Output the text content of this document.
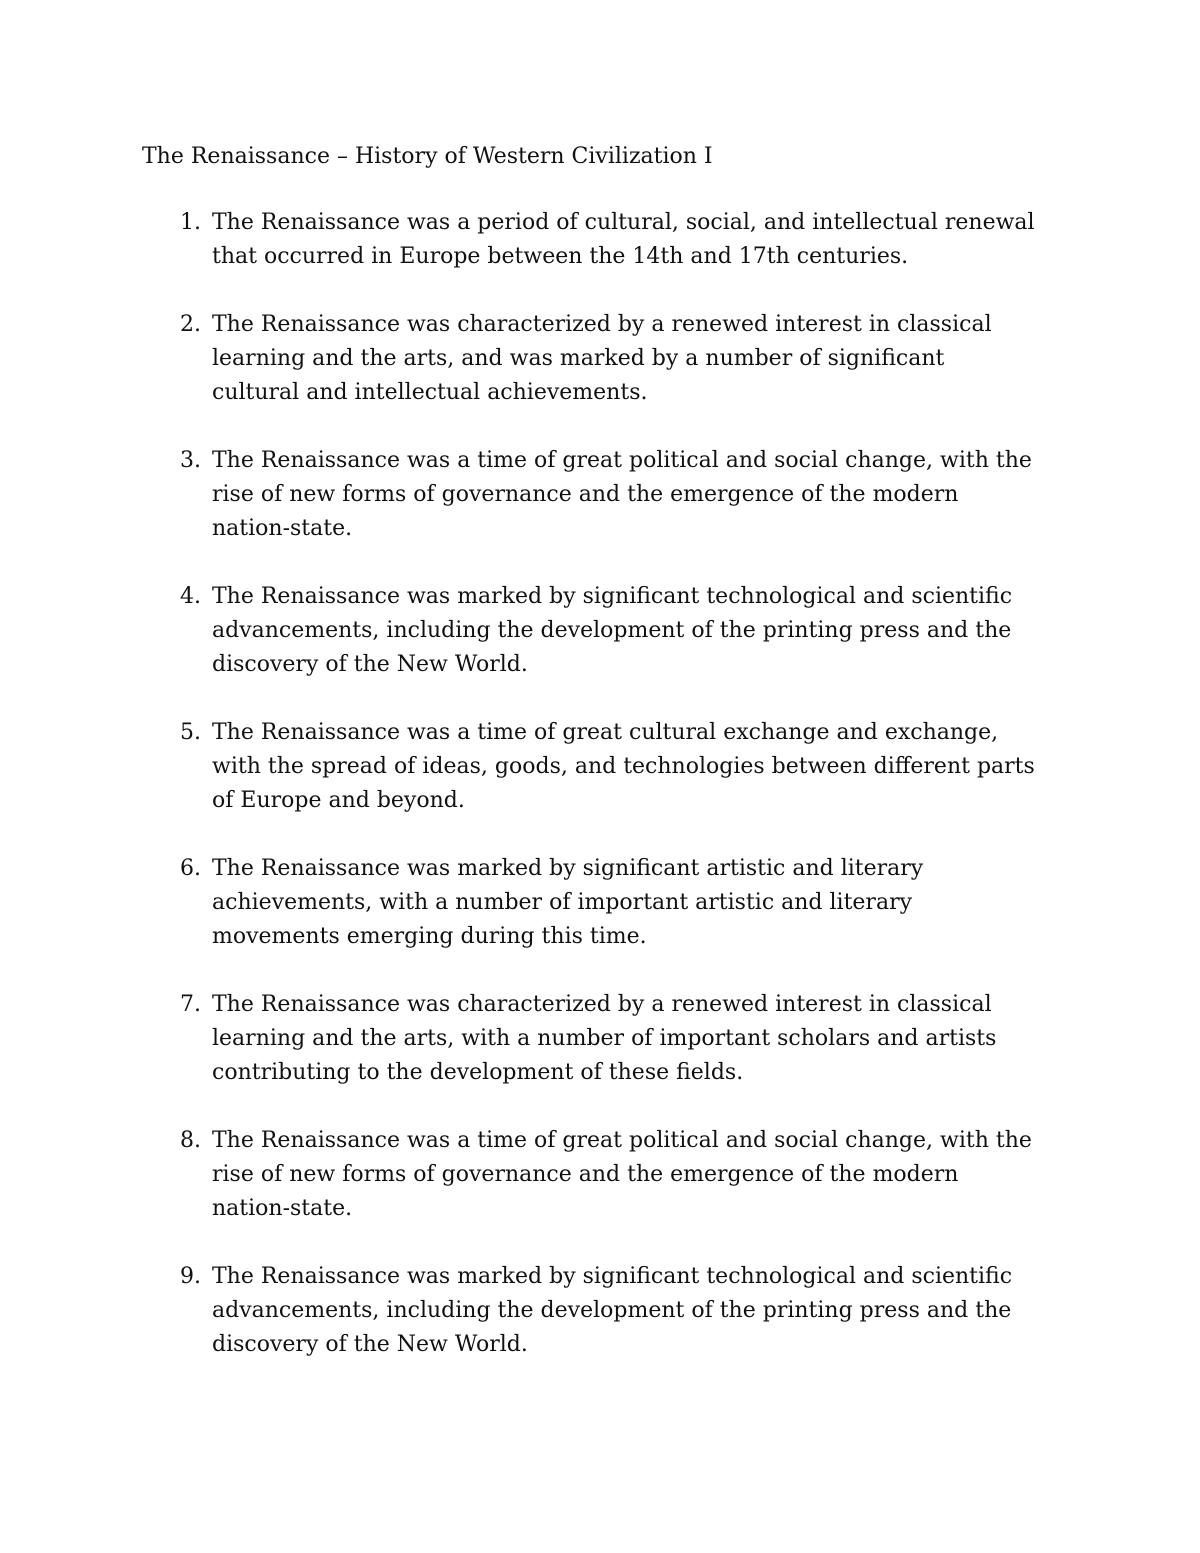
The Renaissance – History of Western Civilization I
1. The Renaissance was a period of cultural, social, and intellectual renewal
that occurred in Europe between the 14th and 17th centuries.
2. The Renaissance was characterized by a renewed interest in classical
learning and the arts, and was marked by a number of significant
cultural and intellectual achievements.
3. The Renaissance was a time of great political and social change, with the
rise of new forms of governance and the emergence of the modern
nation-state.
4. The Renaissance was marked by significant technological and scientific
advancements, including the development of the printing press and the
discovery of the New World.
5. The Renaissance was a time of great cultural exchange and exchange,
with the spread of ideas, goods, and technologies between different parts
of Europe and beyond.
6. The Renaissance was marked by significant artistic and literary
achievements, with a number of important artistic and literary
movements emerging during this time.
7. The Renaissance was characterized by a renewed interest in classical
learning and the arts, with a number of important scholars and artists
contributing to the development of these fields.
8. The Renaissance was a time of great political and social change, with the
rise of new forms of governance and the emergence of the modern
nation-state.
9. The Renaissance was marked by significant technological and scientific
advancements, including the development of the printing press and the
discovery of the New World.
